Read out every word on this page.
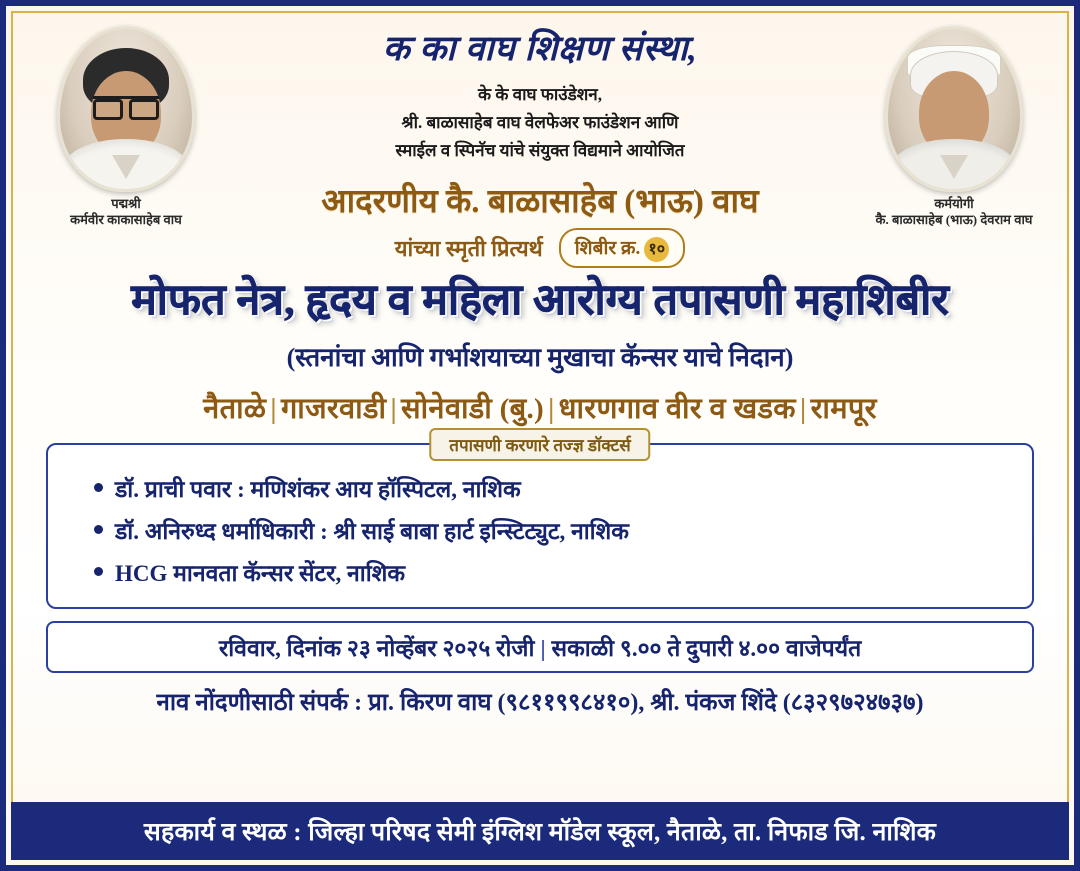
पद्मश्री
कर्मवीर काकासाहेब वाघ
क का वाघ शिक्षण संस्था,
के के वाघ फाउंडेशन,
श्री. बाळासाहेब वाघ वेलफेअर फाउंडेशन आणि
स्माईल व स्पिनॅच यांचे संयुक्त विद्यमाने आयोजित
आदरणीय कै. बाळासाहेब (भाऊ) वाघ
यांच्या स्मृती प्रित्यर्थ	शिबीर क्र. १०
कर्मयोगी
कै. बाळासाहेब (भाऊ) देवराम वाघ
मोफत नेत्र, हृदय व महिला आरोग्य तपासणी महाशिबीर
(स्तनांचा आणि गर्भाशयाच्या मुखाचा कॅन्सर याचे निदान)
नैताळे | गाजरवाडी | सोनेवाडी (बु.) | धारणगाव वीर व खडक | रामपूर
तपासणी करणारे तज्ज्ञ डॉक्टर्स
डॉ. प्राची पवार : मणिशंकर आय हॉस्पिटल, नाशिक
डॉ. अनिरुध्द धर्माधिकारी : श्री साई बाबा हार्ट इन्स्टिट्युट, नाशिक
HCG मानवता कॅन्सर सेंटर, नाशिक
रविवार, दिनांक २३ नोव्हेंबर २०२५ रोजी | सकाळी ९.०० ते दुपारी ४.०० वाजेपर्यंत
नाव नोंदणीसाठी संपर्क : प्रा. किरण वाघ (९८११९९८४१०), श्री. पंकज शिंदे (८३२९७२४७३७)
सहकार्य व स्थळ : जिल्हा परिषद सेमी इंग्लिश मॉडेल स्कूल, नैताळे, ता. निफाड जि. नाशिक
